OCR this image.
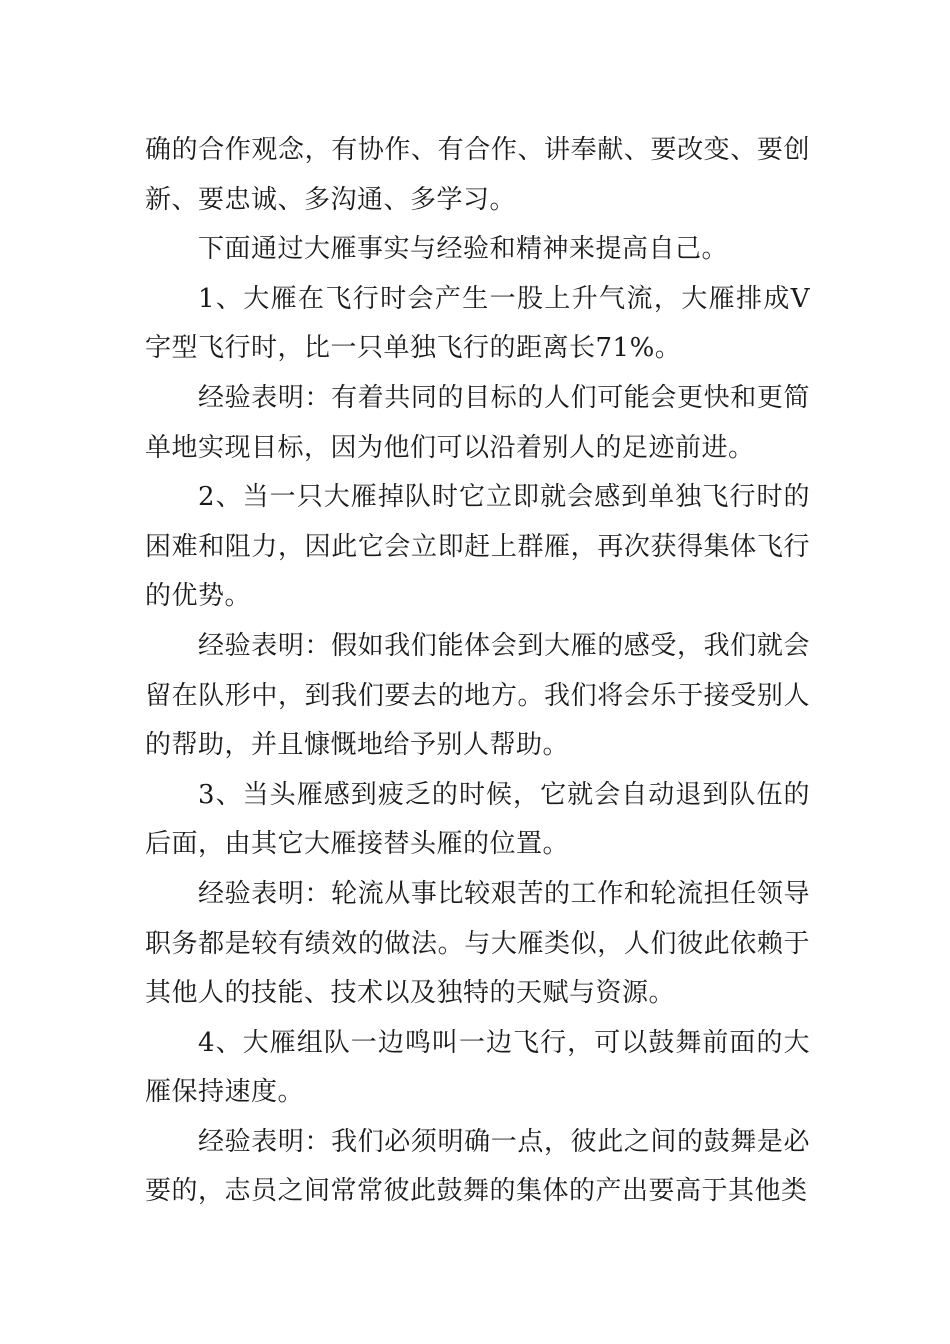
确的合作观念，有协作、有合作、讲奉献、要改变、要创新、要忠诚、多沟通、多学习。

下面通过大雁事实与经验和精神来提高自己。

1、大雁在飞行时会产生一股上升气流，大雁排成V字型飞行时，比一只单独飞行的距离长71%。

经验表明：有着共同的目标的人们可能会更快和更简单地实现目标，因为他们可以沿着别人的足迹前进。

2、当一只大雁掉队时它立即就会感到单独飞行时的困难和阻力，因此它会立即赶上群雁，再次获得集体飞行的优势。

经验表明：假如我们能体会到大雁的感受，我们就会留在队形中，到我们要去的地方。我们将会乐于接受别人的帮助，并且慷慨地给予别人帮助。

3、当头雁感到疲乏的时候，它就会自动退到队伍的后面，由其它大雁接替头雁的位置。

经验表明：轮流从事比较艰苦的工作和轮流担任领导职务都是较有绩效的做法。与大雁类似，人们彼此依赖于其他人的技能、技术以及独特的天赋与资源。

4、大雁组队一边鸣叫一边飞行，可以鼓舞前面的大雁保持速度。

经验表明：我们必须明确一点，彼此之间的鼓舞是必要的，志员之间常常彼此鼓舞的集体的产出要高于其他类
